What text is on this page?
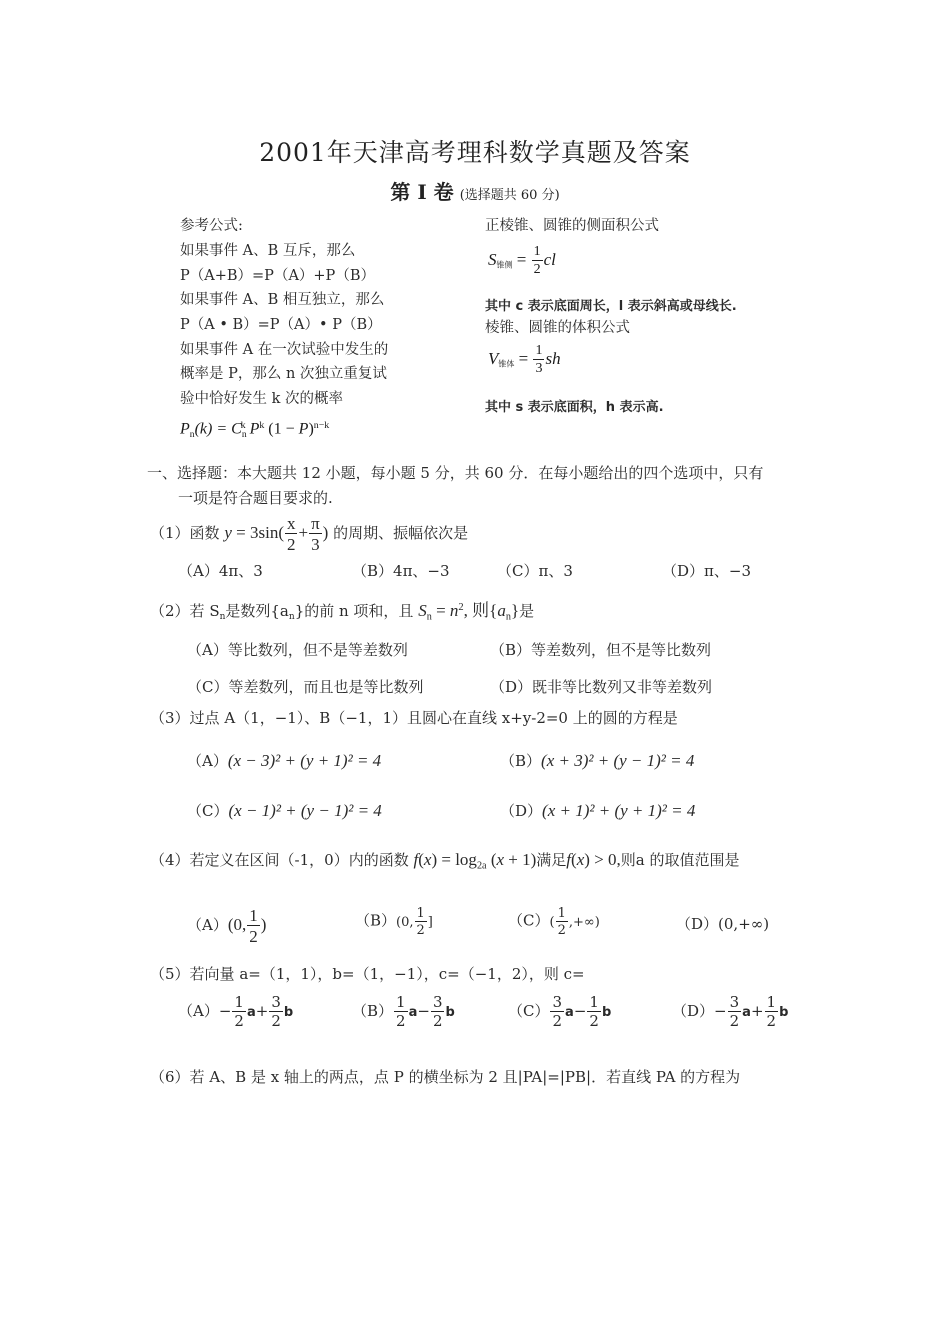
2001年天津高考理科数学真题及答案
第 I 卷 (选择题共 60 分)
参考公式:
如果事件 A、B 互斥，那么
P（A+B）=P（A）+P（B）
如果事件 A、B 相互独立，那么
P（A • B）=P（A）• P（B）
如果事件 A 在一次试验中发生的
概率是 P，那么 n 次独立重复试
验中恰好发生 k 次的概率
$P_n(k) = C_n^k$ $P^k$ $(1 - P)^{n-k}$
正棱锥、圆锥的侧面积公式
$S_{锥侧} = \frac{1}{2}$ cl
其中 c 表示底面周长，l 表示斜高或母线长.
棱锥、圆锥的体积公式
$V_{锥体} = \frac{1}{3}$ sh
其中 s 表示底面积，h 表示高.
一、选择题：本大题共 12 小题，每小题 5 分，共 60 分．在每小题给出的四个选项中，只有
一项是符合题目要求的.
（1）函数 $y = 3\sin( \frac{x}{2} + \frac{\pi}{3}$ ) 的周期、振幅依次是
（A）4π、3	（B）4π、−3	（C）π、3	（D）π、−3
（2）若 $S_n$是数列$\{a_n\}$的前 n 项和，且 $S_n = n^2$, 则$\{a_n\}$是
（A）等比数列，但不是等差数列	（B）等差数列，但不是等比数列
（C）等差数列，而且也是等比数列	（D）既非等比数列又非等差数列
（3）过点 A（1，−1）、B（−1，1）且圆心在直线 x+y-2=0 上的圆的方程是
（A）(x − 3)² + (y + 1)² = 4	（B）(x + 3)² + (y − 1)² = 4
（C）(x − 1)² + (y − 1)² = 4	（D）(x + 1)² + (y + 1)² = 4
（4）若定义在区间（-1，0）内的函数 $f(x) = \log_{2a} (x + 1)$满足f(x) > 0,则a 的取值范围是
（A）(0, $\frac{1}{2}$ )	（B）(0, $\frac{1}{2}$ ]	$(C)( \frac{1}{2}$ ,+∞)	（D）(0,+∞)
（5）若向量 a=（1，1），b=（1，−1），c=（−1，2），则 c=
$(A)- \frac{1}{2} a+ \frac{3}{2}$ b	$(B) \frac{1}{2} a- \frac{3}{2}$ b	$(C) \frac{3}{2} a- \frac{1}{2}$ b	$(D)- \frac{3}{2} a+ \frac{1}{2}$ b
（6）若 A、B 是 x 轴上的两点，点 P 的横坐标为 2 且|PA|=|PB|．若直线 PA 的方程为
